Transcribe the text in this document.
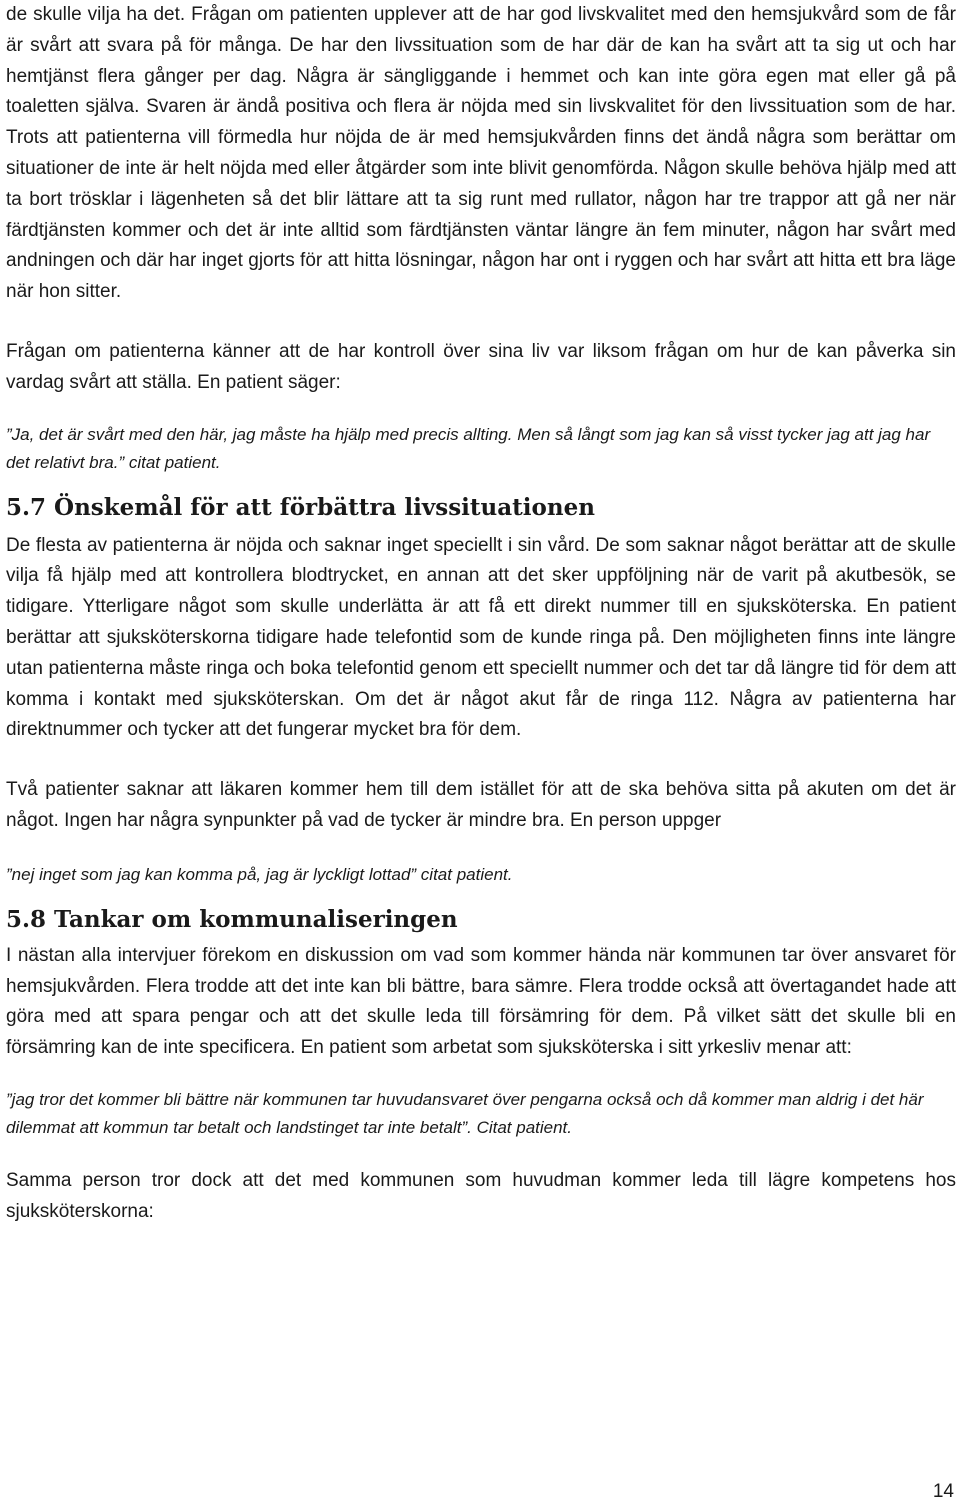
de skulle vilja ha det. Frågan om patienten upplever att de har god livskvalitet med den hemsjukvård som de får är svårt att svara på för många. De har den livssituation som de har där de kan ha svårt att ta sig ut och har hemtjänst flera gånger per dag. Några är sängliggande i hemmet och kan inte göra egen mat eller gå på toaletten själva. Svaren är ändå positiva och flera är nöjda med sin livskvalitet för den livssituation som de har. Trots att patienterna vill förmedla hur nöjda de är med hemsjukvården finns det ändå några som berättar om situationer de inte är helt nöjda med eller åtgärder som inte blivit genomförda. Någon skulle behöva hjälp med att ta bort trösklar i lägenheten så det blir lättare att ta sig runt med rullator, någon har tre trappor att gå ner när färdtjänsten kommer och det är inte alltid som färdtjänsten väntar längre än fem minuter, någon har svårt med andningen och där har inget gjorts för att hitta lösningar, någon har ont i ryggen och har svårt att hitta ett bra läge när hon sitter.

Frågan om patienterna känner att de har kontroll över sina liv var liksom frågan om hur de kan påverka sin vardag svårt att ställa. En patient säger:

”Ja, det är svårt med den här, jag måste ha hjälp med precis allting. Men så långt som jag kan så visst tycker jag att jag har det relativt bra.” citat patient.

5.7 Önskemål för att förbättra livssituationen

De flesta av patienterna är nöjda och saknar inget speciellt i sin vård. De som saknar något berättar att de skulle vilja få hjälp med att kontrollera blodtrycket, en annan att det sker uppföljning när de varit på akutbesök, se tidigare. Ytterligare något som skulle underlätta är att få ett direkt nummer till en sjuksköterska. En patient berättar att sjuksköterskorna tidigare hade telefontid som de kunde ringa på. Den möjligheten finns inte längre utan patienterna måste ringa och boka telefontid genom ett speciellt nummer och det tar då längre tid för dem att komma i kontakt med sjuksköterskan. Om det är något akut får de ringa 112. Några av patienterna har direktnummer och tycker att det fungerar mycket bra för dem.

Två patienter saknar att läkaren kommer hem till dem istället för att de ska behöva sitta på akuten om det är något. Ingen har några synpunkter på vad de tycker är mindre bra. En person uppger

”nej inget som jag kan komma på, jag är lyckligt lottad” citat patient.

5.8 Tankar om kommunaliseringen

I nästan alla intervjuer förekom en diskussion om vad som kommer hända när kommunen tar över ansvaret för hemsjukvården. Flera trodde att det inte kan bli bättre, bara sämre. Flera trodde också att övertagandet hade att göra med att spara pengar och att det skulle leda till försämring för dem. På vilket sätt det skulle bli en försämring kan de inte specificera. En patient som arbetat som sjuksköterska i sitt yrkesliv menar att:

”jag tror det kommer bli bättre när kommunen tar huvudansvaret över pengarna också och då kommer man aldrig i det här dilemmat att kommun tar betalt och landstinget tar inte betalt”. Citat patient.

Samma person tror dock att det med kommunen som huvudman kommer leda till lägre kompetens hos sjuksköterskorna:

14
